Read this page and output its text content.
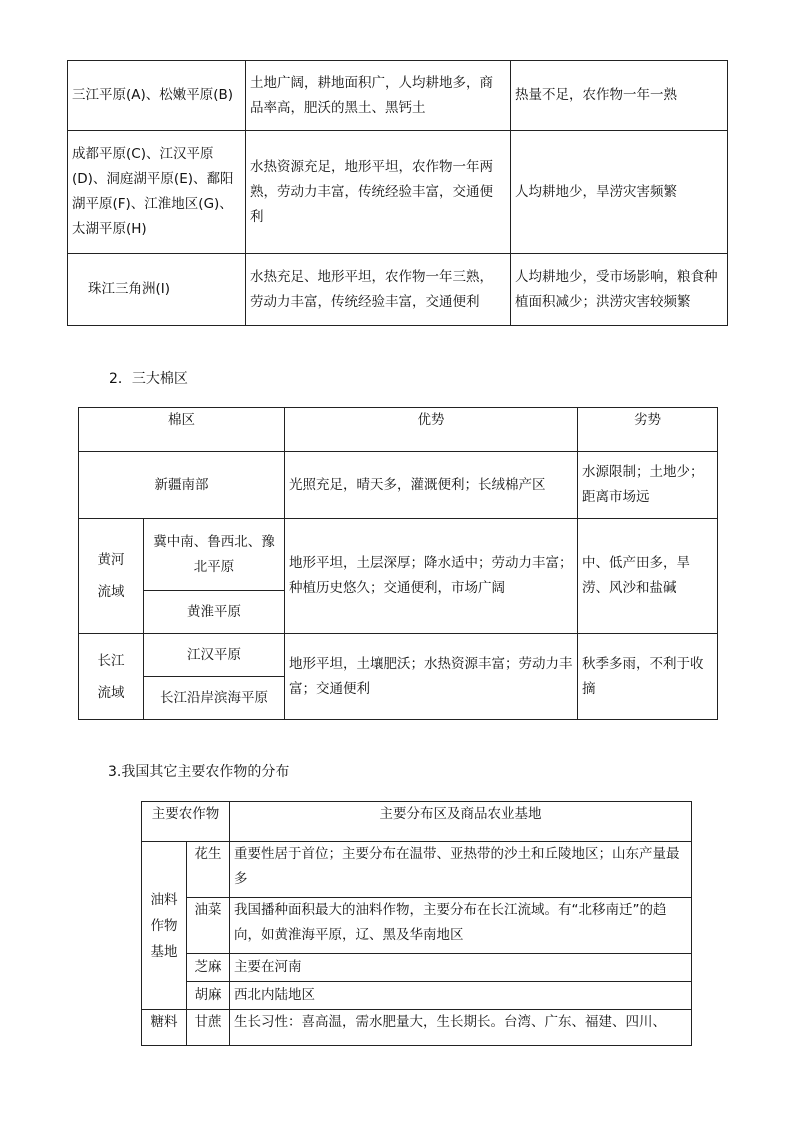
三江平原(A)、松嫩平原(B)	土地广阔，耕地面积广，人均耕地多，商品率高，肥沃的黑土、黑钙土	热量不足，农作物一年一熟
成都平原(C)、江汉平原(D)、洞庭湖平原(E)、鄱阳湖平原(F)、江淮地区(G)、太湖平原(H)	水热资源充足，地形平坦，农作物一年两熟，劳动力丰富，传统经验丰富，交通便利	人均耕地少，旱涝灾害频繁
珠江三角洲(I)	水热充足、地形平坦，农作物一年三熟，劳动力丰富，传统经验丰富，交通便利	人均耕地少，受市场影响，粮食种植面积减少；洪涝灾害较频繁
2．三大棉区
棉区		优势	劣势
新疆南部		光照充足，晴天多，灌溉便利；长绒棉产区	水源限制；土地少；距离市场远
黄河流域	冀中南、鲁西北、豫北平原	地形平坦，土层深厚；降水适中；劳动力丰富；种植历史悠久；交通便利，市场广阔	中、低产田多，旱涝、风沙和盐碱
	黄淮平原		
长江流域	江汉平原	地形平坦，土壤肥沃；水热资源丰富；劳动力丰富；交通便利	秋季多雨，不利于收摘
	长江沿岸滨海平原		
3.我国其它主要农作物的分布
主要农作物		主要分布区及商品农业基地
油料作物基地	花生	重要性居于首位；主要分布在温带、亚热带的沙土和丘陵地区；山东产量最多
	油菜	我国播种面积最大的油料作物，主要分布在长江流域。有“北移南迁”的趋向，如黄淮海平原，辽、黑及华南地区
	芝麻	主要在河南
	胡麻	西北内陆地区
糖料	甘蔗	生长习性：喜高温，需水肥量大，生长期长。台湾、广东、福建、四川、
